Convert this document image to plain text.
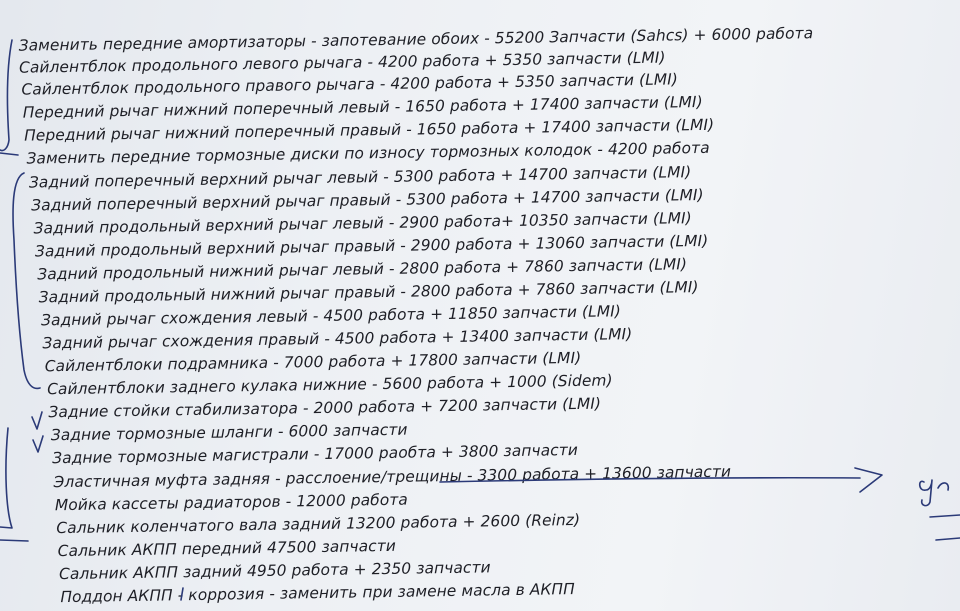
Заменить передние амортизаторы - запотевание обоих - 55200 Запчасти (Sahcs) + 6000 работа
Сайлентблок продольного левого рычага - 4200 работа + 5350 запчасти (LMI)
Сайлентблок продольного правого рычага - 4200 работа + 5350 запчасти (LMI)
Передний рычаг нижний поперечный левый - 1650 работа + 17400 запчасти (LMI)
Передний рычаг нижний поперечный правый - 1650 работа + 17400 запчасти (LMI)
Заменить передние тормозные диски по износу тормозных колодок - 4200 работа
Задний поперечный верхний рычаг левый - 5300 работа + 14700 запчасти (LMI)
Задний поперечный верхний рычаг правый - 5300 работа + 14700 запчасти (LMI)
Задний продольный верхний рычаг левый - 2900 работа+ 10350 запчасти (LMI)
Задний продольный верхний рычаг правый - 2900 работа + 13060 запчасти (LMI)
Задний продольный нижний рычаг левый - 2800 работа + 7860 запчасти (LMI)
Задний продольный нижний рычаг правый - 2800 работа + 7860 запчасти (LMI)
Задний рычаг схождения левый - 4500 работа + 11850 запчасти (LMI)
Задний рычаг схождения правый - 4500 работа + 13400 запчасти (LMI)
Сайлентблоки подрамника - 7000 работа + 17800 запчасти (LMI)
Сайлентблоки заднего кулака нижние - 5600 работа + 1000 (Sidem)
Задние стойки стабилизатора - 2000 работа + 7200 запчасти (LMI)
Задние тормозные шланги - 6000 запчасти
Задние тормозные магистрали - 17000 раобта + 3800 запчасти
Эластичная муфта задняя - расслоение/трещины - 3300 работа + 13600 запчасти
Мойка кассеты радиаторов - 12000 работа
Сальник коленчатого вала задний 13200 работа + 2600 (Reinz)
Сальник АКПП передний 47500 запчасти
Сальник АКПП задний 4950 работа + 2350 запчасти
Поддон АКПП - коррозия - заменить при замене масла в АКПП
